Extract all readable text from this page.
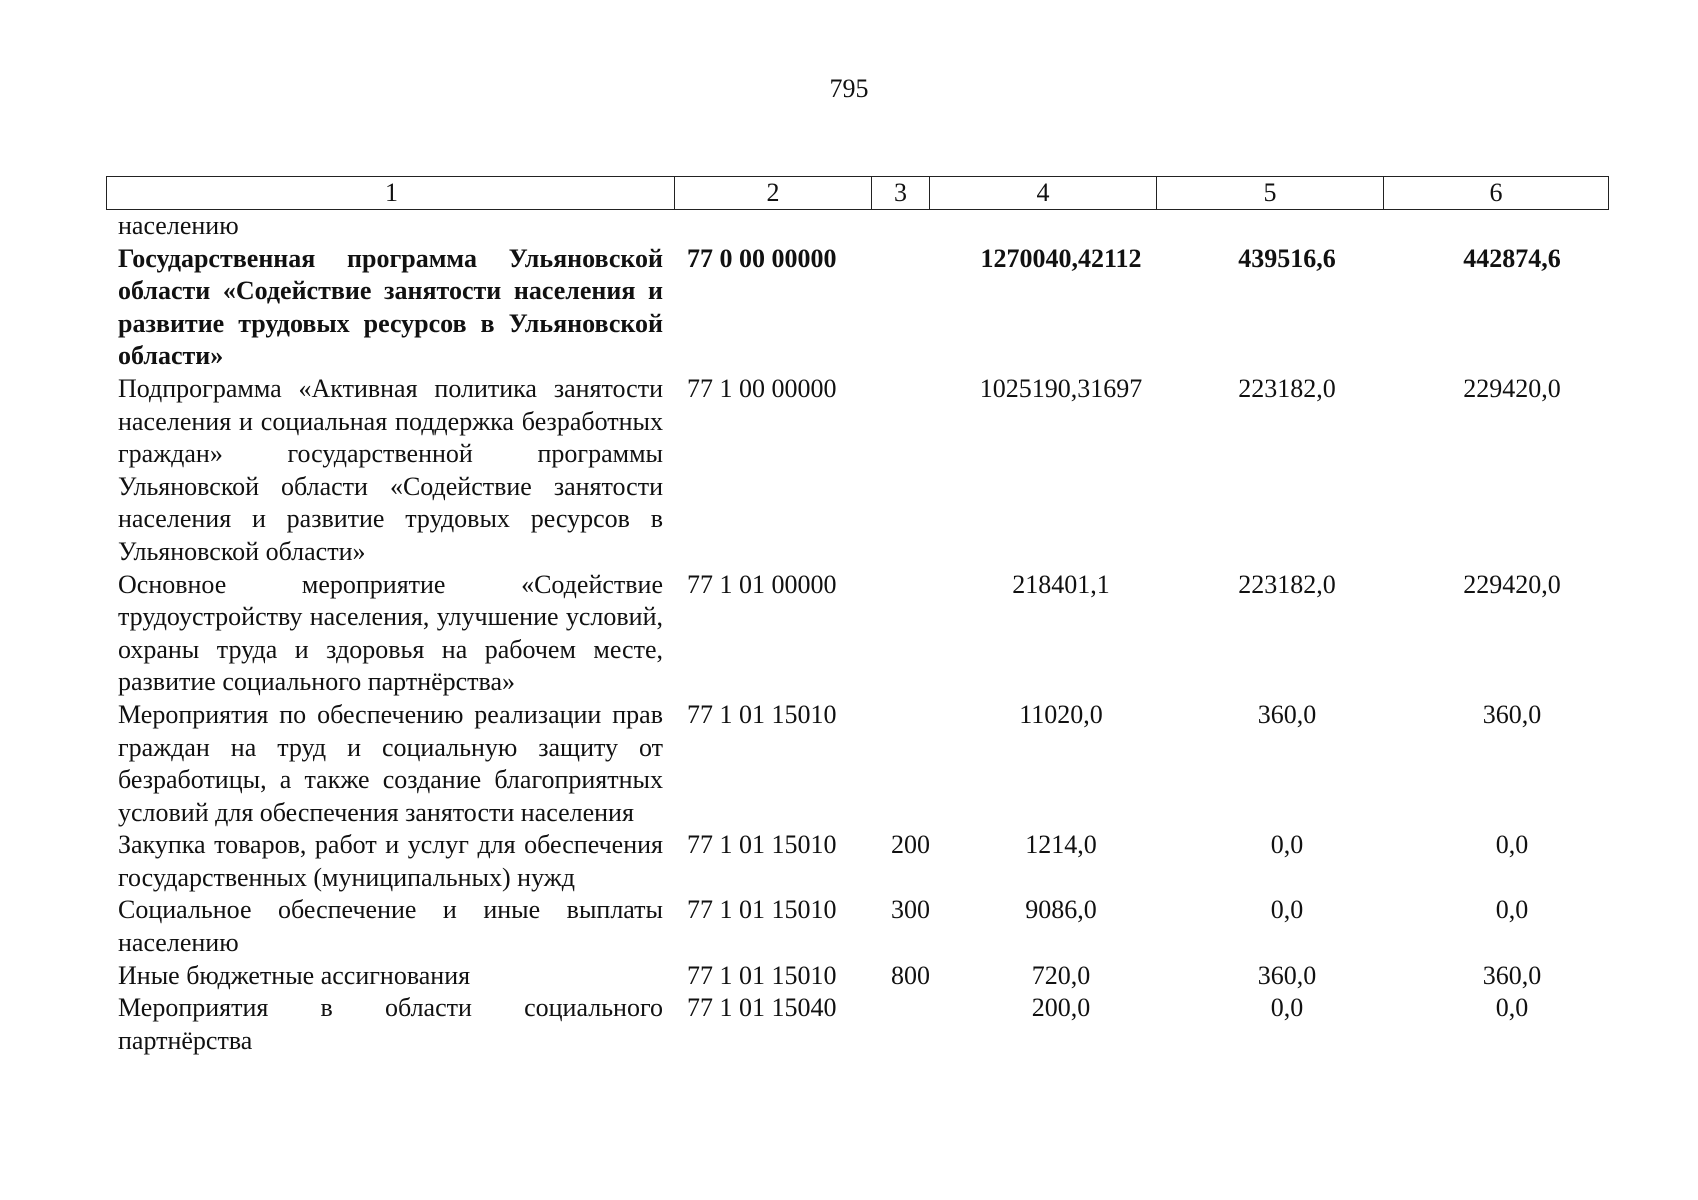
795
1	2	3	4	5	6
населению					
Государственная программа Ульяновской области «Содействие занятости населения и развитие трудовых ресурсов в Ульяновской области»	77 0 00 00000		1270040,42112	439516,6	442874,6
Подпрограмма «Активная политика занятости населения и социальная поддержка безработных граждан» государственной программы Ульяновской области «Содействие занятости населения и развитие трудовых ресурсов в Ульяновской области»	77 1 00 00000		1025190,31697	223182,0	229420,0
Основное мероприятие «Содействие трудоустройству населения, улучшение условий, охраны труда и здоровья на рабочем месте, развитие социального партнёрства»	77 1 01 00000		218401,1	223182,0	229420,0
Мероприятия по обеспечению реализации прав граждан на труд и социальную защиту от безработицы, а также создание благоприятных условий для обеспечения занятости населения	77 1 01 15010		11020,0	360,0	360,0
Закупка товаров, работ и услуг для обеспечения государственных (муниципальных) нужд	77 1 01 15010	200	1214,0	0,0	0,0
Социальное обеспечение и иные выплаты населению	77 1 01 15010	300	9086,0	0,0	0,0
Иные бюджетные ассигнования	77 1 01 15010	800	720,0	360,0	360,0
Мероприятия в области социального партнёрства	77 1 01 15040		200,0	0,0	0,0
